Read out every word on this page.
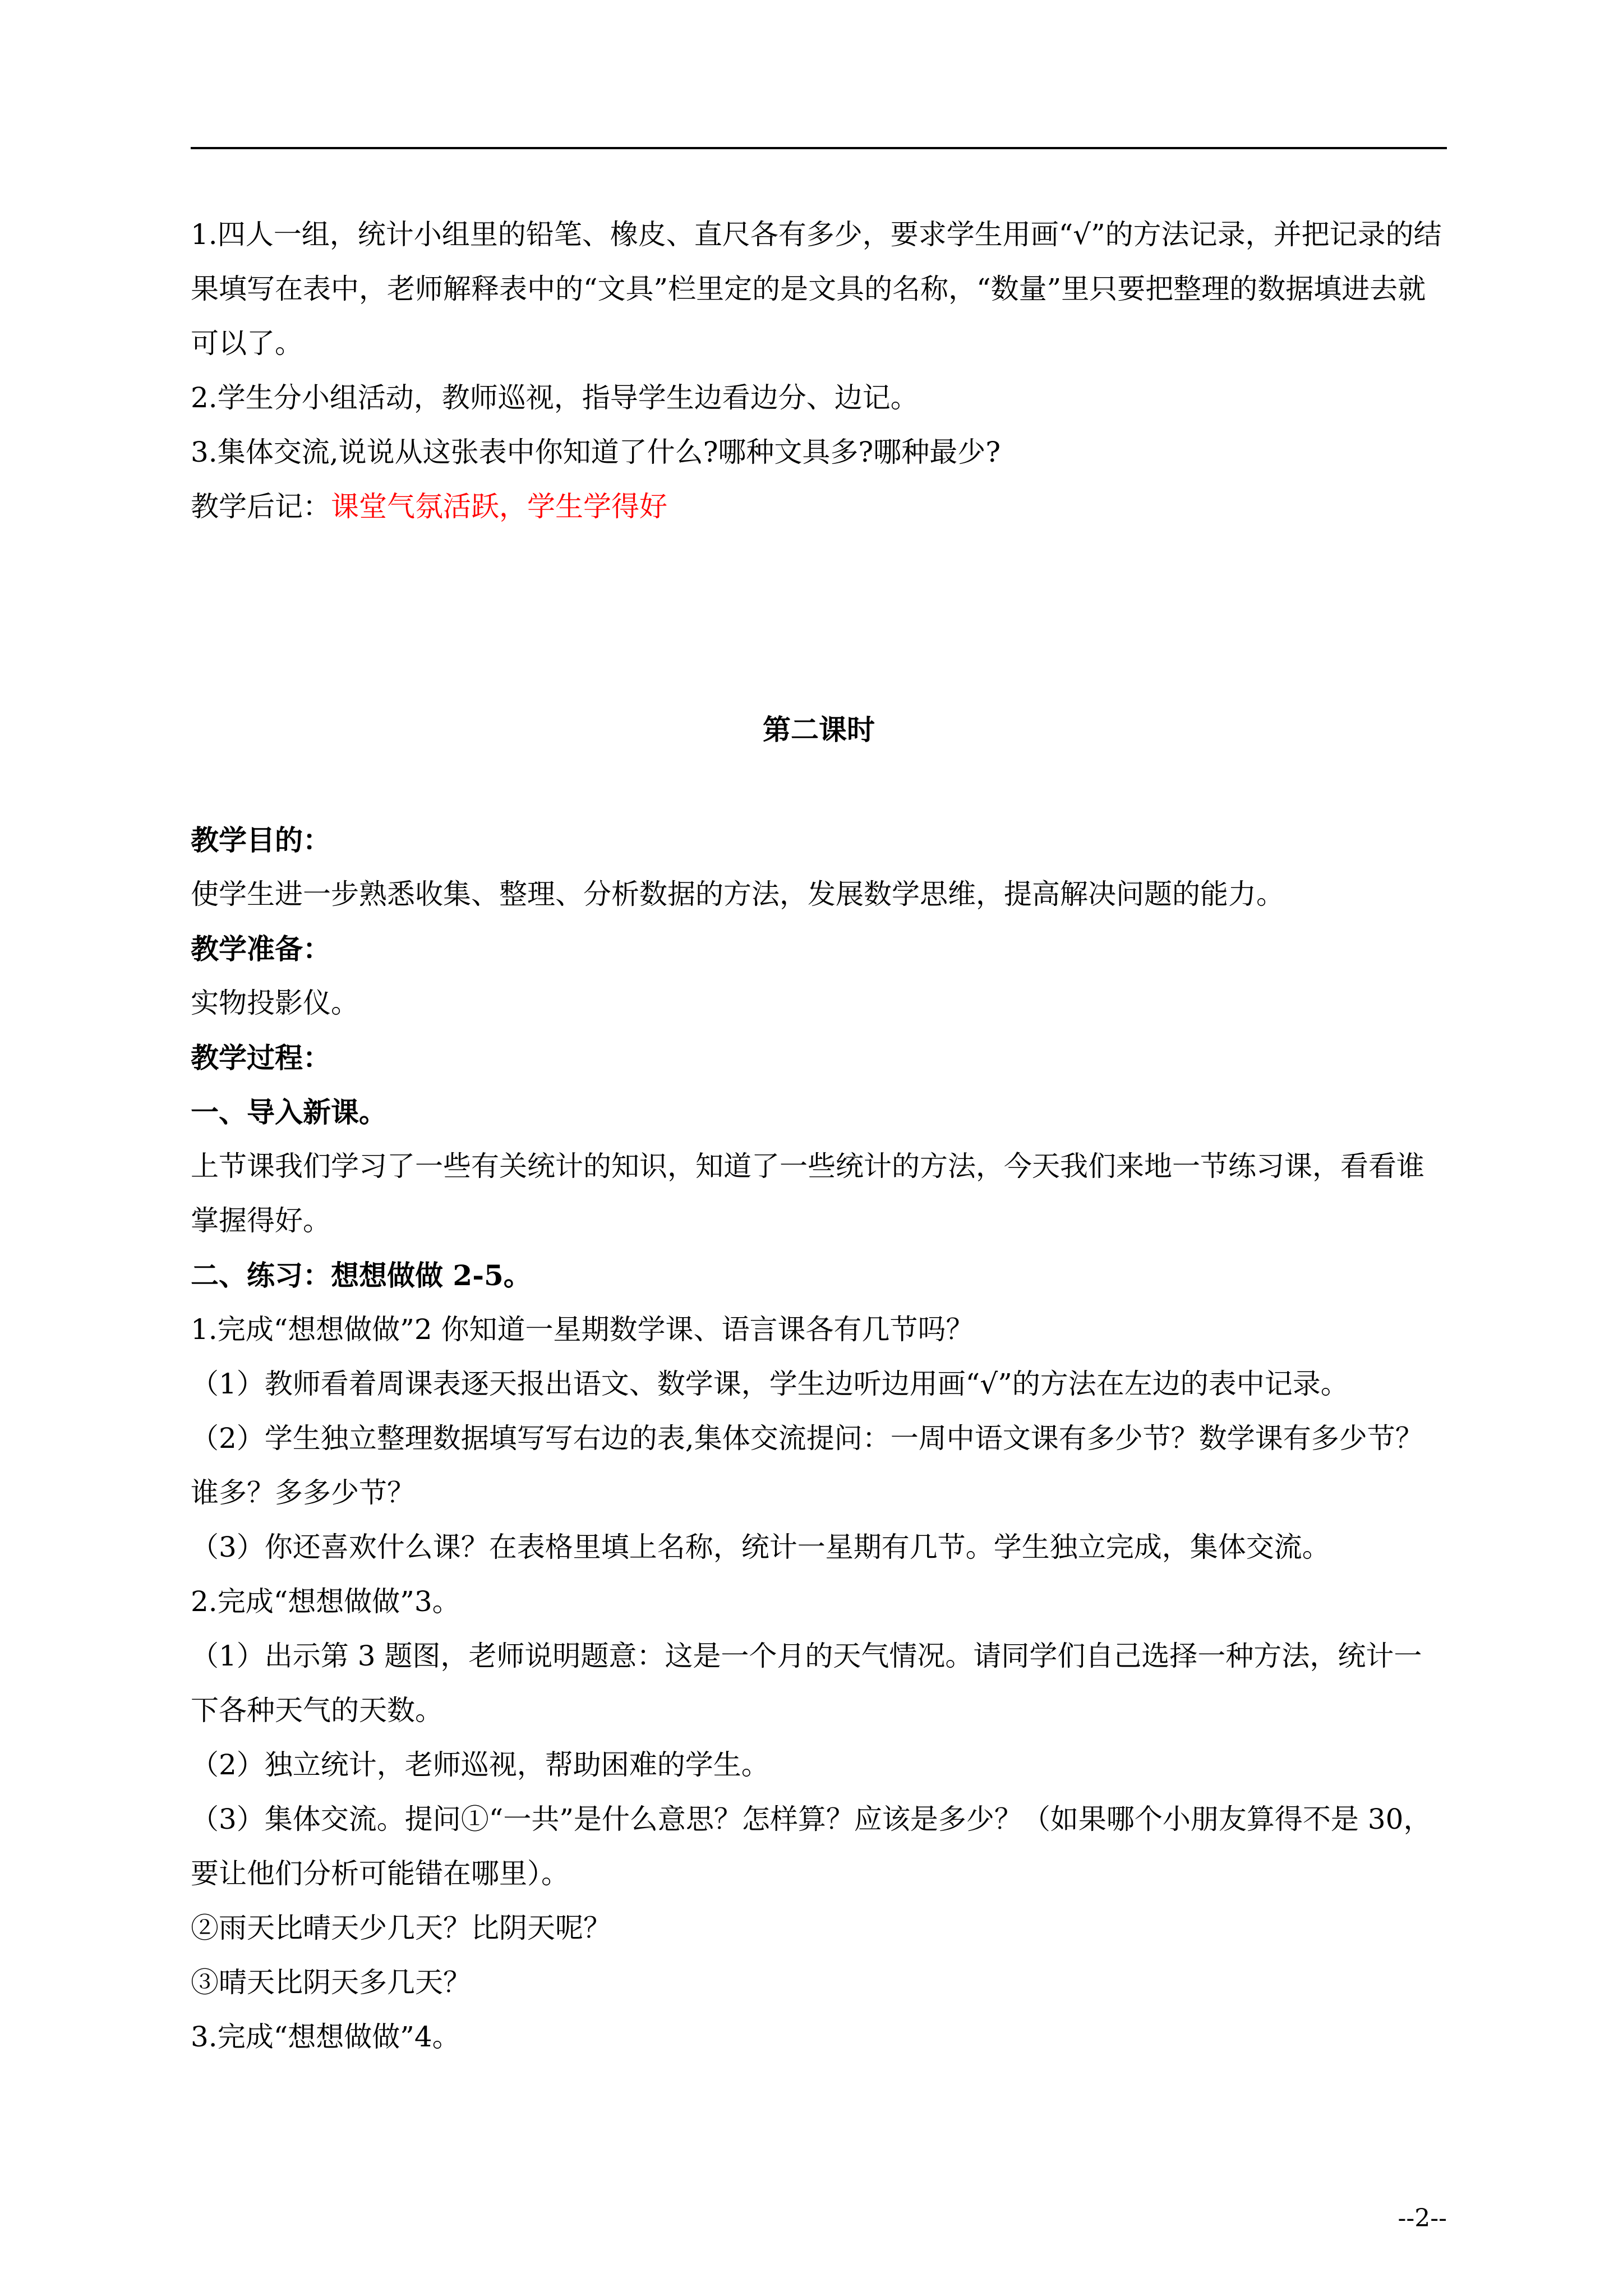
1.四人一组，统计小组里的铅笔、橡皮、直尺各有多少，要求学生用画“√”的方法记录，并把记录的结果填写在表中，老师解释表中的“文具”栏里定的是文具的名称，“数量”里只要把整理的数据填进去就可以了。

2.学生分小组活动，教师巡视，指导学生边看边分、边记。

3.集体交流,说说从这张表中你知道了什么?哪种文具多?哪种最少?

教学后记：课堂气氛活跃，学生学得好

第二课时

教学目的：

使学生进一步熟悉收集、整理、分析数据的方法，发展数学思维，提高解决问题的能力。

教学准备：

实物投影仪。

教学过程：

一、导入新课。

上节课我们学习了一些有关统计的知识，知道了一些统计的方法，今天我们来地一节练习课，看看谁掌握得好。

二、练习：想想做做 2-5。

1.完成“想想做做”2 你知道一星期数学课、语言课各有几节吗？

（1）教师看着周课表逐天报出语文、数学课，学生边听边用画“√”的方法在左边的表中记录。

（2）学生独立整理数据填写写右边的表,集体交流提问：一周中语文课有多少节？数学课有多少节？谁多？多多少节？

（3）你还喜欢什么课？在表格里填上名称，统计一星期有几节。学生独立完成，集体交流。

2.完成“想想做做”3。

（1）出示第 3 题图，老师说明题意：这是一个月的天气情况。请同学们自己选择一种方法，统计一下各种天气的天数。

（2）独立统计，老师巡视，帮助困难的学生。

（3）集体交流。提问①“一共”是什么意思？怎样算？应该是多少？（如果哪个小朋友算得不是 30，要让他们分析可能错在哪里）。

②雨天比晴天少几天？比阴天呢？

③晴天比阴天多几天？

3.完成“想想做做”4。

--2--
